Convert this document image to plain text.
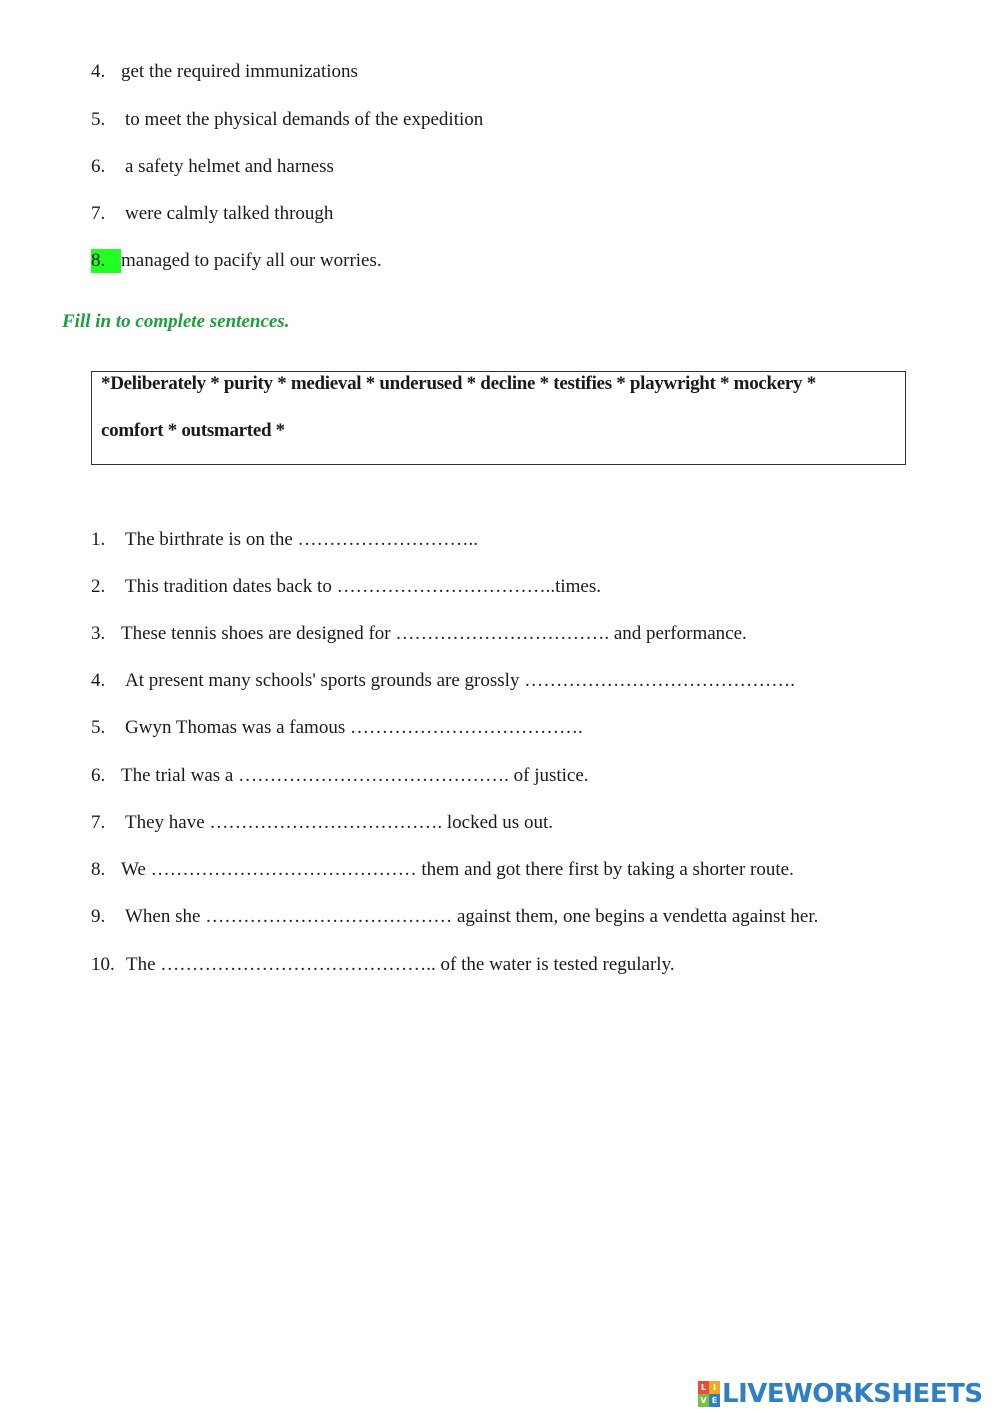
4. get the required immunizations
5. to meet the physical demands of the expedition
6. a safety helmet and harness
7. were calmly talked through
8. managed to pacify all our worries.
Fill in to complete sentences.
*Deliberately * purity * medieval * underused * decline * testifies * playwright * mockery *
comfort * outsmarted *
1. The birthrate is on the ………………………..
2. This tradition dates back to ……………………………..times.
3. These tennis shoes are designed for ……………………………. and performance.
4. At present many schools' sports grounds are grossly …………………………………….
5. Gwyn Thomas was a famous ……………………………….
6. The trial was a ……………………………………. of justice.
7. They have ………………………………. locked us out.
8. We …………………………………… them and got there first by taking a shorter route.
9. When she ………………………………… against them, one begins a vendetta against her.
10. The …………………………………….. of the water is tested regularly.
L I
V E LIVEWORKSHEETS
